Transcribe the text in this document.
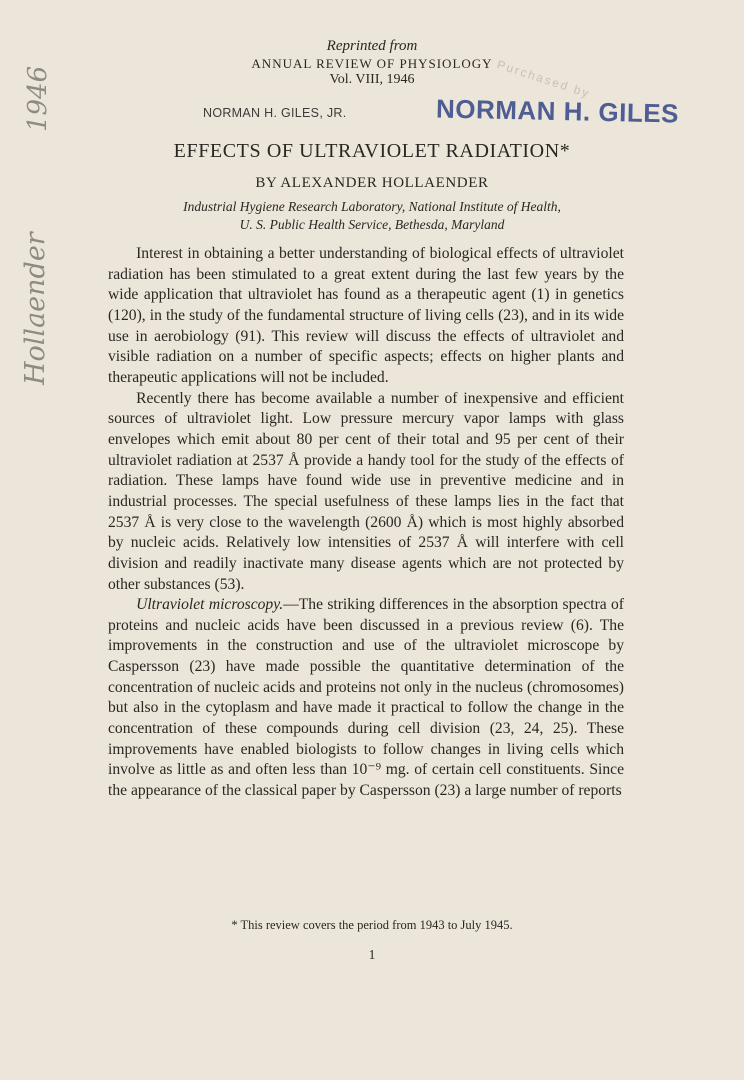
1946
Hollaender
Reprinted from
ANNUAL REVIEW OF PHYSIOLOGY
Vol. VIII, 1946	Purchased by
NORMAN H. GILES, JR.	NORMAN H. GILES
EFFECTS OF ULTRAVIOLET RADIATION*
BY ALEXANDER HOLLAENDER
Industrial Hygiene Research Laboratory, National Institute of Health,
U. S. Public Health Service, Bethesda, Maryland

Interest in obtaining a better understanding of biological effects of ultraviolet radiation has been stimulated to a great extent during the last few years by the wide application that ultraviolet has found as a therapeutic agent (1) in genetics (120), in the study of the fundamental structure of living cells (23), and in its wide use in aerobiology (91). This review will discuss the effects of ultraviolet and visible radiation on a number of specific aspects; effects on higher plants and therapeutic applications will not be included.

Recently there has become available a number of inexpensive and efficient sources of ultraviolet light. Low pressure mercury vapor lamps with glass envelopes which emit about 80 per cent of their total and 95 per cent of their ultraviolet radiation at 2537 Å provide a handy tool for the study of the effects of radiation. These lamps have found wide use in preventive medicine and in industrial processes. The special usefulness of these lamps lies in the fact that 2537 Å is very close to the wavelength (2600 Å) which is most highly absorbed by nucleic acids. Relatively low intensities of 2537 Å will interfere with cell division and readily inactivate many disease agents which are not protected by other substances (53).

Ultraviolet microscopy.—The striking differences in the absorption spectra of proteins and nucleic acids have been discussed in a previous review (6). The improvements in the construction and use of the ultraviolet microscope by Caspersson (23) have made possible the quantitative determination of the concentration of nucleic acids and proteins not only in the nucleus (chromosomes) but also in the cytoplasm and have made it practical to follow the change in the concentration of these compounds during cell division (23, 24, 25). These improvements have enabled biologists to follow changes in living cells which involve as little as and often less than 10⁻⁹ mg. of certain cell constituents. Since the appearance of the classical paper by Caspersson (23) a large number of reports

* This review covers the period from 1943 to July 1945.
1
